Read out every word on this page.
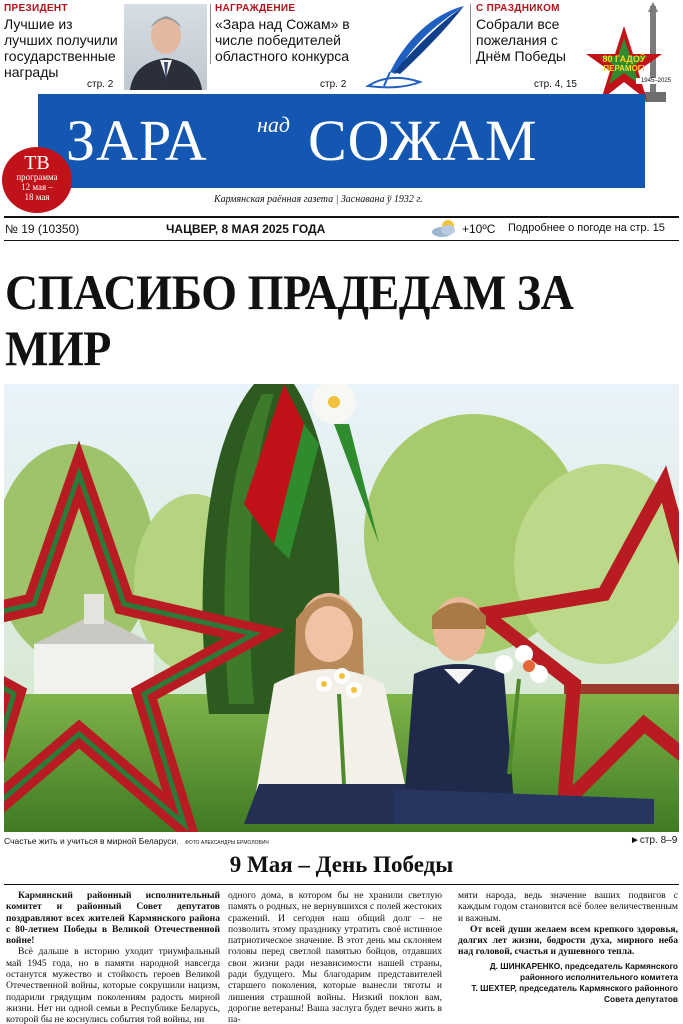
ПРЕЗИДЕНТ
Лучшие из лучших получили государственные награды
стр. 2
НАГРАЖДЕНИЕ
«Зара над Сожам» в числе победителей областного конкурса
стр. 2
С ПРАЗДНИКОМ
Собрали все пожелания с Днём Победы
стр. 4, 15
80 ГАДОЎ
ПЕРАМОГІ
1945–2025
ЗАРА над СОЖАМ
ТВ
программа
12 мая –
18 мая	Кармянская раённая газета | Заснавана ў 1932 г.
№ 19 (10350)	ЧАЦВЕР, 8 МАЯ 2025 ГОДА	+10ºС Подробнее о погоде на стр. 15
СПАСИБО ПРАДЕДАМ ЗА МИР
Счастье жить и учиться в мирной Беларуси. ФОТО АЛЕКСАНДРЫ ЕРМОЛОВИЧ	►стр. 8–9
9 Мая – День Победы

Кармянский районный исполнительный комитет и районный Совет депутатов поздравляют всех жителей Кармянского района с 80-летием Победы в Великой Отечественной войне!

Всё дальше в историю уходит триумфальный май 1945 года, но в памяти народной навсегда останутся мужество и стойкость героев Великой Отечественной войны, которые сокрушили нацизм, подарили грядущим поколениям радость мирной жизни. Нет ни одной семьи в Республике Беларусь, которой бы не коснулись события той войны, ни

одного дома, в котором бы не хранили светлую память о родных, не вернувшихся с полей жестоких сражений. И сегодня наш общий долг – не позволить этому празднику утратить своё истинное патриотическое значение. В этот день мы склоняем головы перед светлой памятью бойцов, отдавших свои жизни ради независимости нашей страны, ради будущего. Мы благодарим представителей старшего поколения, которые вынесли тяготы и лишения страшной войны. Низкий поклон вам, дорогие ветераны! Ваша заслуга будет вечно жить в па-

мяти народа, ведь значение ваших подвигов с каждым годом становится всё более величественным и важным.

От всей души желаем всем крепкого здоровья, долгих лет жизни, бодрости духа, мирного неба над головой, счастья и душевного тепла.

Д. ШИНКАРЕНКО, председатель Кармянского районного исполнительного комитета
Т. ШЕХТЕР, председатель Кармянского районного Совета депутатов
